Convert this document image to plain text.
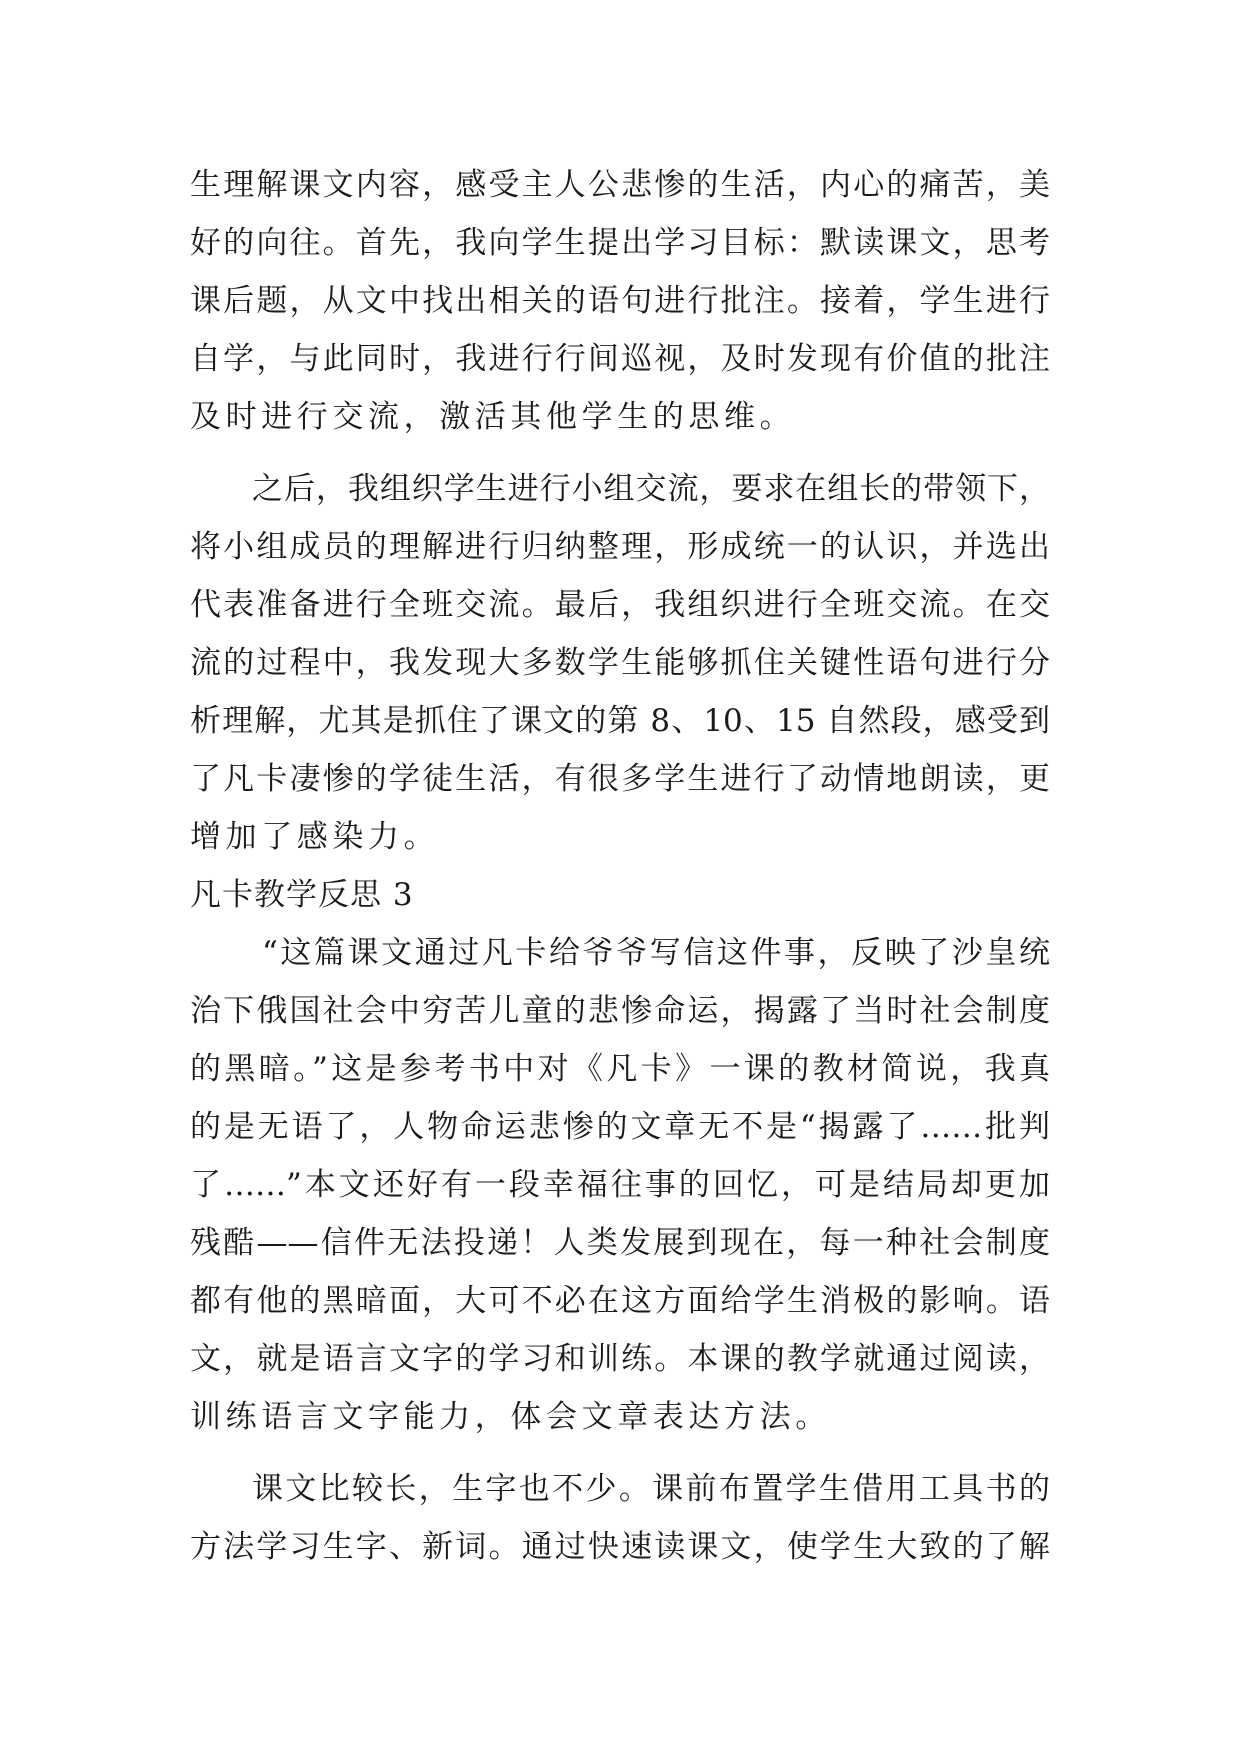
生理解课文内容，感受主人公悲惨的生活，内心的痛苦，美
好的向往。首先，我向学生提出学习目标：默读课文，思考
课后题，从文中找出相关的语句进行批注。接着，学生进行
自学，与此同时，我进行行间巡视，及时发现有价值的批注
及时进行交流，激活其他学生的思维。
之后，我组织学生进行小组交流，要求在组长的带领下，
将小组成员的理解进行归纳整理，形成统一的认识，并选出
代表准备进行全班交流。最后，我组织进行全班交流。在交
流的过程中，我发现大多数学生能够抓住关键性语句进行分
析理解，尤其是抓住了课文的第 8、10、15 自然段，感受到
了凡卡凄惨的学徒生活，有很多学生进行了动情地朗读，更
增加了感染力。
凡卡教学反思 3
“这篇课文通过凡卡给爷爷写信这件事，反映了沙皇统
治下俄国社会中穷苦儿童的悲惨命运，揭露了当时社会制度
的黑暗。”这是参考书中对《凡卡》一课的教材简说，我真
的是无语了，人物命运悲惨的文章无不是“揭露了……批判
了……”本文还好有一段幸福往事的回忆，可是结局却更加
残酷——信件无法投递！人类发展到现在，每一种社会制度
都有他的黑暗面，大可不必在这方面给学生消极的影响。语
文，就是语言文字的学习和训练。本课的教学就通过阅读，
训练语言文字能力，体会文章表达方法。
课文比较长，生字也不少。课前布置学生借用工具书的
方法学习生字、新词。通过快速读课文，使学生大致的了解
